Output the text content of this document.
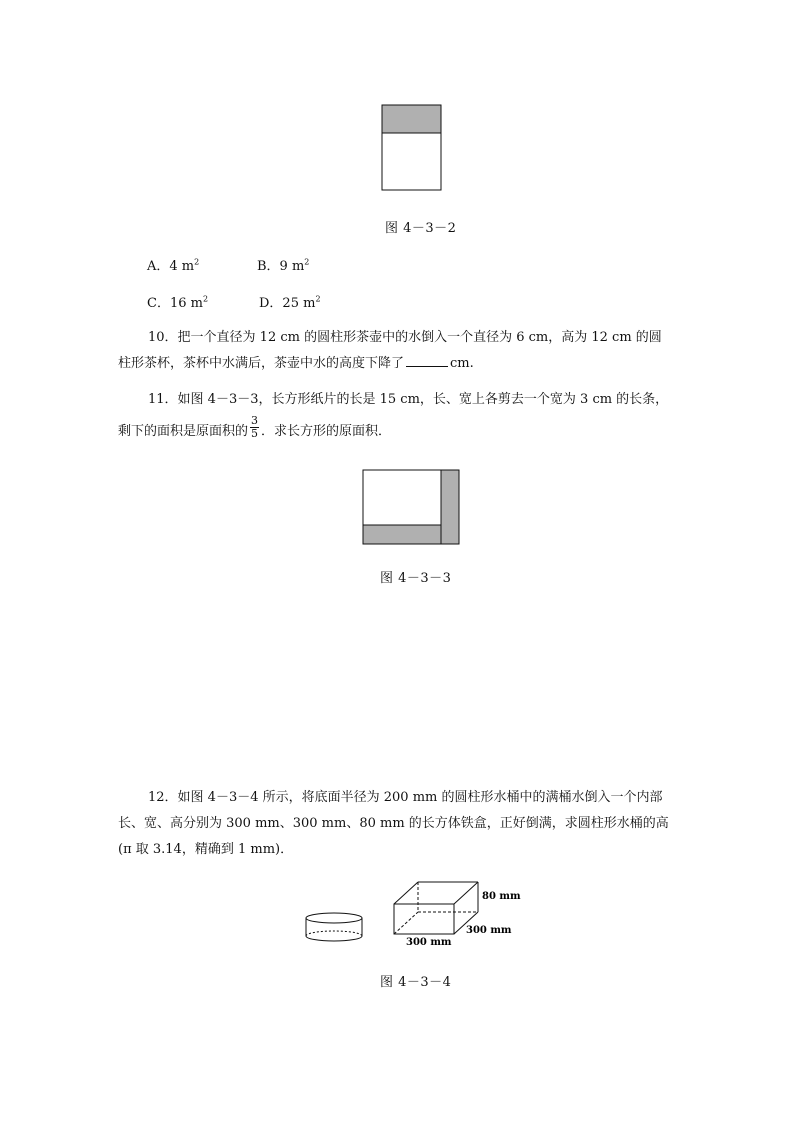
图 4－3－2
A．4 $m^2$	B．9 $m^2$
C．16 $m^2$	D．25 $m^2$
10．把一个直径为 12 cm 的圆柱形茶壶中的水倒入一个直径为 6 cm，高为 12 cm 的圆
柱形茶杯，茶杯中水满后，茶壶中水的高度下降了	cm.
11．如图 4－3－3，长方形纸片的长是 15 cm，长、宽上各剪去一个宽为 3 cm 的长条，
剩下的面积是原面积的 $\frac{3}{5}$ ．求长方形的原面积．
图 4－3－3
12．如图 4－3－4 所示，将底面半径为 200 mm 的圆柱形水桶中的满桶水倒入一个内部
长、宽、高分别为 300 mm、300 mm、80 mm 的长方体铁盒，正好倒满，求圆柱形水桶的高
(π 取 3.14，精确到 1 mm)．
80 mm
300 mm
300 mm
图 4－3－4
